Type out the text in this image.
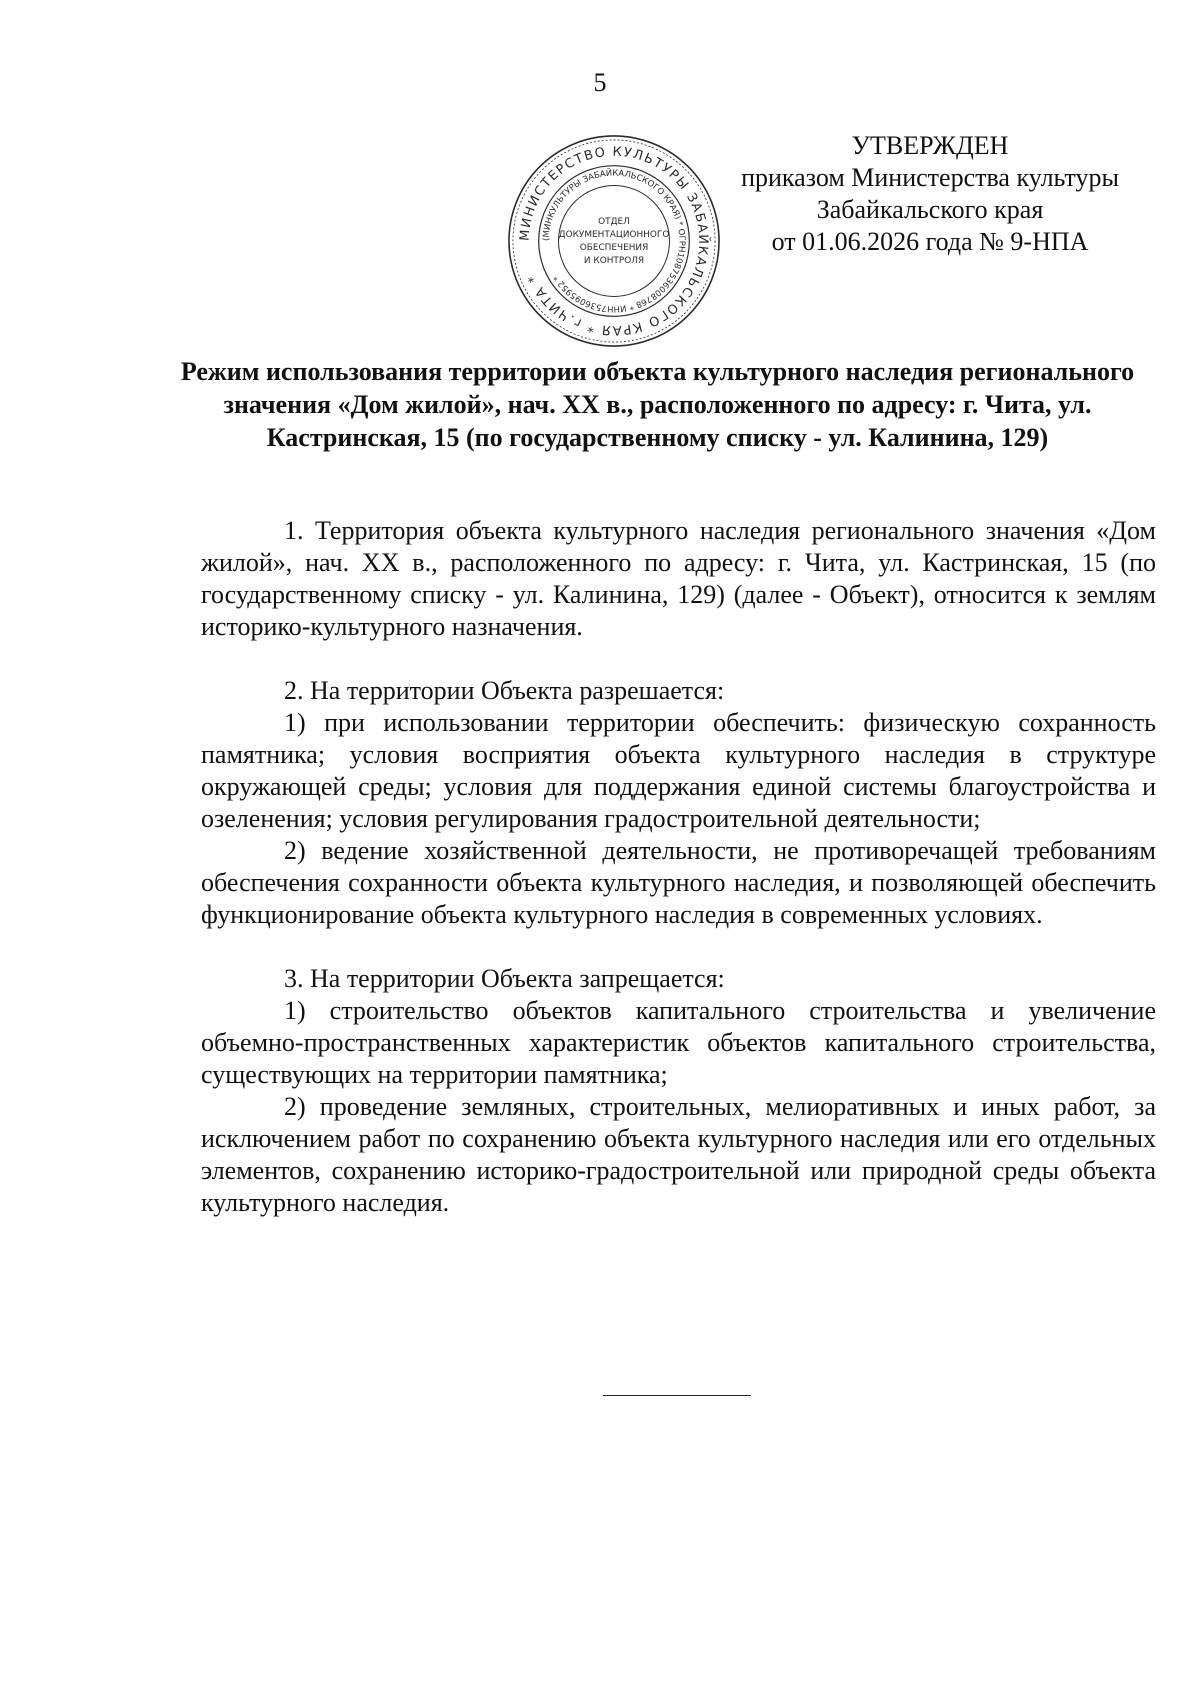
5
МИНИСТЕРСТВО КУЛЬТУРЫ ЗАБАЙКАЛЬСКОГО КРАЯ * г.ЧИТА *
(МИНКУЛЬТУРЫ ЗАБАЙКАЛЬСКОГО КРАЯ) * ОГРН1087536008768 * ИНН7536095952 *
ОТДЕЛ
ДОКУМЕНТАЦИОННОГО
ОБЕСПЕЧЕНИЯ
И КОНТРОЛЯ
УТВЕРЖДЕН
приказом Министерства культуры
Забайкальского края
от 01.06.2026 года № 9-НПА
Режим использования территории объекта культурного наследия регионального значения «Дом жилой», нач. XX в., расположенного по адресу: г. Чита, ул. Кастринская, 15 (по государственному списку - ул. Калинина, 129)

1. Территория объекта культурного наследия регионального значения «Дом жилой», нач. XX в., расположенного по адресу: г. Чита, ул. Кастринская, 15 (по государственному списку - ул. Калинина, 129) (далее - Объект), относится к землям историко-культурного назначения.

2. На территории Объекта разрешается:

1) при использовании территории обеспечить: физическую сохранность памятника; условия восприятия объекта культурного наследия в структуре окружающей среды; условия для поддержания единой системы благоустройства и озеленения; условия регулирования градостроительной деятельности;

2) ведение хозяйственной деятельности, не противоречащей требованиям обеспечения сохранности объекта культурного наследия, и позволяющей обеспечить функционирование объекта культурного наследия в современных условиях.

3. На территории Объекта запрещается:

1) строительство объектов капитального строительства и увеличение объемно-пространственных характеристик объектов капитального строительства, существующих на территории памятника;

2) проведение земляных, строительных, мелиоративных и иных работ, за исключением работ по сохранению объекта культурного наследия или его отдельных элементов, сохранению историко-градостроительной или природной среды объекта культурного наследия.
